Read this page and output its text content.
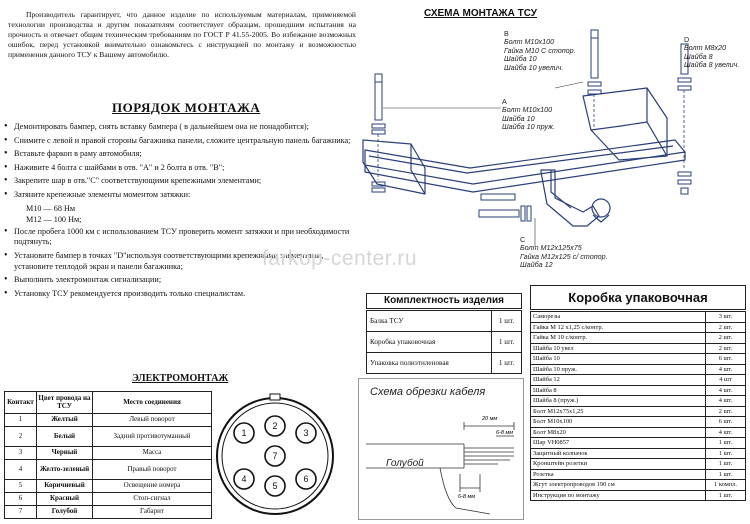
Производитель гарантирует, что данное изделие по используемым материалам, применяемой технологии производства и другим показателям соответствует образцам, прошедшим испытания на прочность и отвечает общим техническим требованиям по ГОСТ Р 41.55-2005. Во избежание возможных ошибок, перед установкой внимательно ознакомьтесь с инструкцией по монтажу и возможностью применения данного ТСУ к Вашему автомобилю.

ПОРЯДОК МОНТАЖА
• Демонтировать бампер, снять вставку бампера ( в дальнейшем она не понадобится);
• Снимите с левой и правой стороны багажника панели, сложите центральную панель багажника;
• Вставьте фаркоп в раму автомобиля;
• Наживите 4 болта с шайбами в отв. "A" и 2 болта в отв. "B";
• Закрепите шар в отв."C" соответствующими крепежными элементами;
• Затяните крепежные элементы моментом затяжки:
M10 — 68 Нм
M12 — 100 Нм;
• После пробега 1000 км с использованием ТСУ проверить момент затяжки и при необходимости подтянуть;
• Установите бампер в точках "D"используя соответствующими крепежными элементами, установите теплодой экран и панели багажника;
• Выполнить электромонтаж сигнализации;
• Установку ТСУ рекомендуется производить только специалистам.
ЭЛЕКТРОМОНТАЖ
Контакт	Цвет провода на ТСУ	Место соединения
1	Желтый	Левый поворот
2	Белый	Задний противотуманный
3	Черный	Масса
4	Желто-зеленый	Правый поворот
5	Коричневый	Освещение номера
6	Красный	Стоп-сигнал
7	Голубой	Габарит
1
2
3
4
5
6
7
СХЕМА МОНТАЖА ТСУ
B
Болт M10x100
Гайка M10 С стопор.
Шайба 10
Шайба 10 увелич.
D
Болт M8x20
Шайба 8
Шайба 8 увелич.
A
Болт M10x100
Шайба 10
Шайба 10 пруж.
C
Болт M12x125x75
Гайка M12x125 с/ стопор.
Шайба 12
farkop-center.ru
Комплектность изделия
Балка ТСУ	1 шт.
Коробка упаковочная	1 шт.
Упаковка полиэтиленовая	1 шт.
Коробка упаковочная
Саморезы	3 шт.
Гайка M 12 х1,25 с/контр.	2 шт.
Гайка M 10 с/контр.	2 шт.
Шайба 10 увел	2 шт.
Шайба 10	6 шт.
Шайба 10 пруж.	4 шт.
Шайба 12	4 шт
Шайба 8	4 шт.
Шайба 8 (пруж.)	4 шт.
Болт M12x75x1,25	2 шт.
Болт M10x100	6 шт.
Болт M8x20	4 шт.
Шар VH0857	1 шт.
Защитный колпачок	1 шт.
Кронштейн розетки	1 шт.
Розетка	1 шт.
Жгут электропроводов 190 см	1 компл.
Инструкция по монтажу	1 шт.
Схема обрезки кабеля
20 мм
6-8 мм
6-8 мм
Голубой
